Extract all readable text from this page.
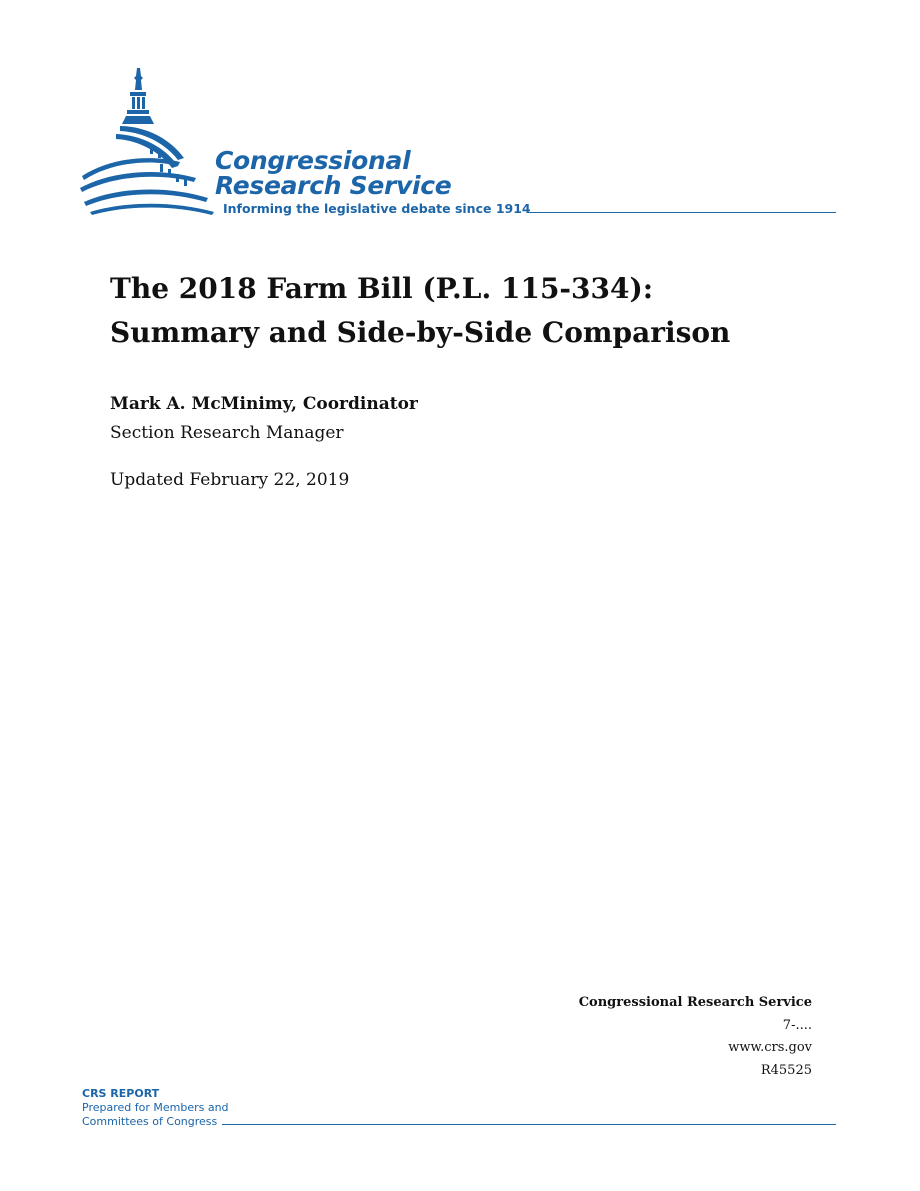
Congressional
Research Service
Informing the legislative debate since 1914
The 2018 Farm Bill (P.L. 115-334): Summary and Side-by-Side Comparison
Mark A. McMinimy, Coordinator
Section Research Manager
Updated February 22, 2019
Congressional Research Service
7-....
www.crs.gov
R45525
CRS REPORT
Prepared for Members and
Committees of Congress
